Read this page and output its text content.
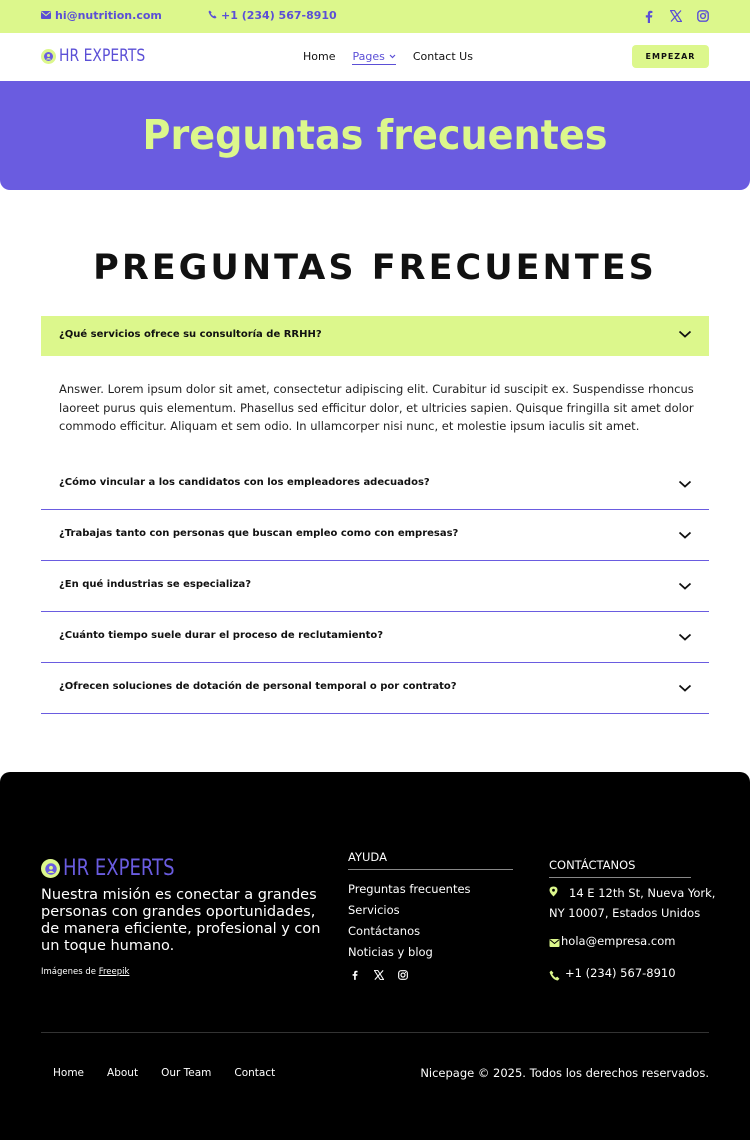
hi@nutrition.com	+1 (234) 567-8910
HR EXPERTS	Home Pages	Contact Us	EMPEZAR
Preguntas frecuentes
PREGUNTAS FRECUENTES
¿Qué servicios ofrece su consultoría de RRHH?
Answer. Lorem ipsum dolor sit amet, consectetur adipiscing elit. Curabitur id suscipit ex. Suspendisse rhoncus laoreet purus quis elementum. Phasellus sed efficitur dolor, et ultricies sapien. Quisque fringilla sit amet dolor commodo efficitur. Aliquam et sem odio. In ullamcorper nisi nunc, et molestie ipsum iaculis sit amet.
¿Cómo vincular a los candidatos con los empleadores adecuados?
¿Trabajas tanto con personas que buscan empleo como con empresas?
¿En qué industrias se especializa?
¿Cuánto tiempo suele durar el proceso de reclutamiento?
¿Ofrecen soluciones de dotación de personal temporal o por contrato?
HR EXPERTS
Nuestra misión es conectar a grandes personas con grandes oportunidades, de manera eficiente, profesional y con un toque humano.
Imágenes de Freepik
AYUDA
Preguntas frecuentes
Servicios
Contáctanos
Noticias y blog
CONTÁCTANOS
14 E 12th St, Nueva York,
NY 10007, Estados Unidos
hola@empresa.com
+1 (234) 567-8910
Home About Our Team Contact	Nicepage © 2025. Todos los derechos reservados.
